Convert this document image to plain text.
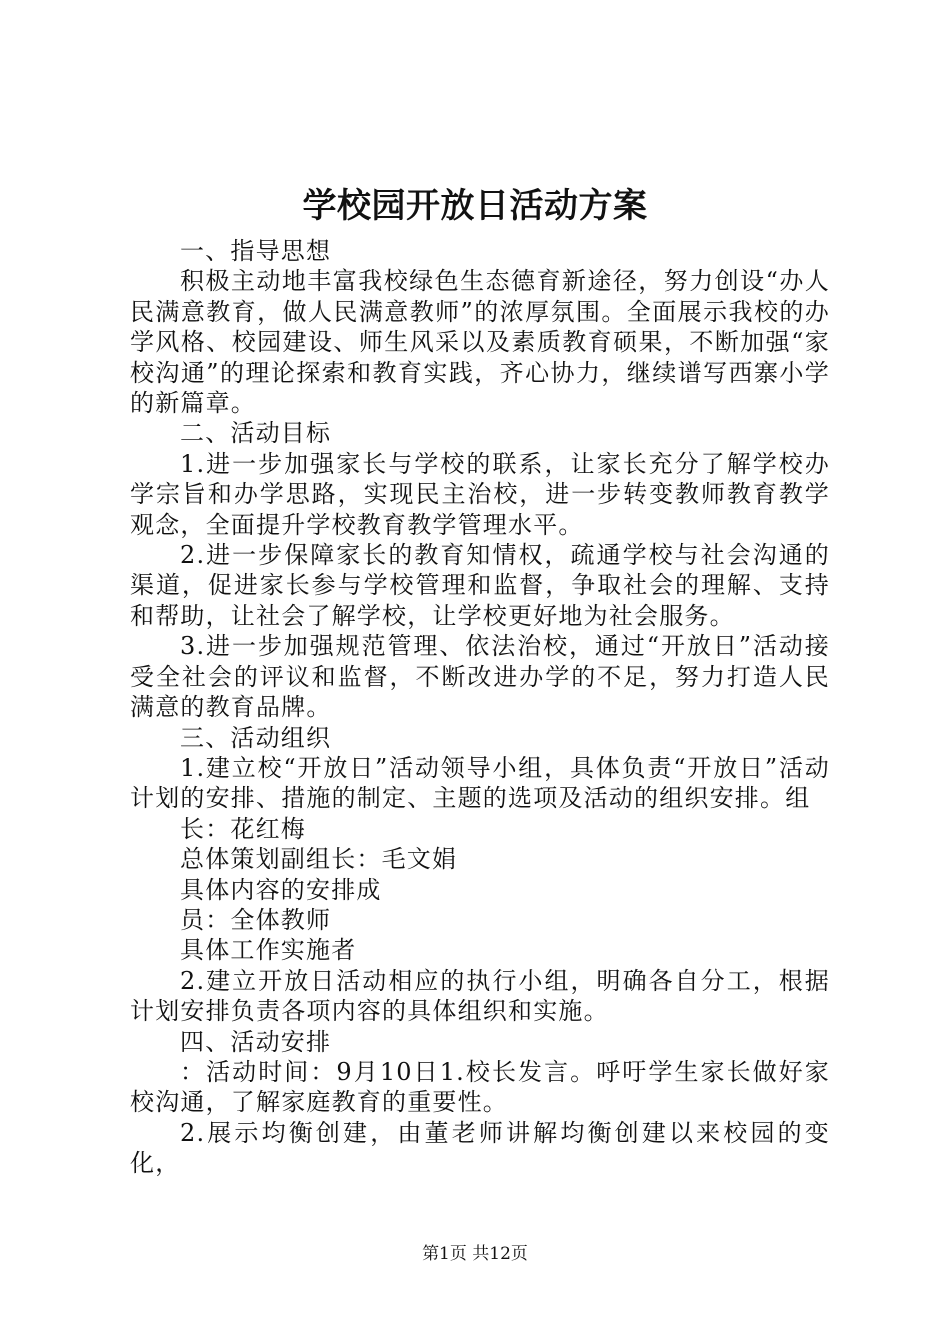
学校园开放日活动方案

一、指导思想

积极主动地丰富我校绿色生态德育新途径，努力创设“办人民满意教育，做人民满意教师”的浓厚氛围。全面展示我校的办学风格、校园建设、师生风采以及素质教育硕果，不断加强“家校沟通”的理论探索和教育实践，齐心协力，继续谱写西寨小学的新篇章。

二、活动目标

1.进一步加强家长与学校的联系，让家长充分了解学校办学宗旨和办学思路，实现民主治校，进一步转变教师教育教学观念，全面提升学校教育教学管理水平。

2.进一步保障家长的教育知情权，疏通学校与社会沟通的渠道，促进家长参与学校管理和监督，争取社会的理解、支持和帮助，让社会了解学校，让学校更好地为社会服务。

3.进一步加强规范管理、依法治校，通过“开放日”活动接受全社会的评议和监督，不断改进办学的不足，努力打造人民满意的教育品牌。

三、活动组织

1.建立校“开放日”活动领导小组，具体负责“开放日”活动计划的安排、措施的制定、主题的选项及活动的组织安排。组

长：花红梅

总体策划副组长：毛文娟

具体内容的安排成

员：全体教师

具体工作实施者

2.建立开放日活动相应的执行小组，明确各自分工，根据计划安排负责各项内容的具体组织和实施。

四、活动安排

：活动时间：9月10日1.校长发言。呼吁学生家长做好家校沟通，了解家庭教育的重要性。

2.展示均衡创建，由董老师讲解均衡创建以来校园的变化，

第1页 共12页
